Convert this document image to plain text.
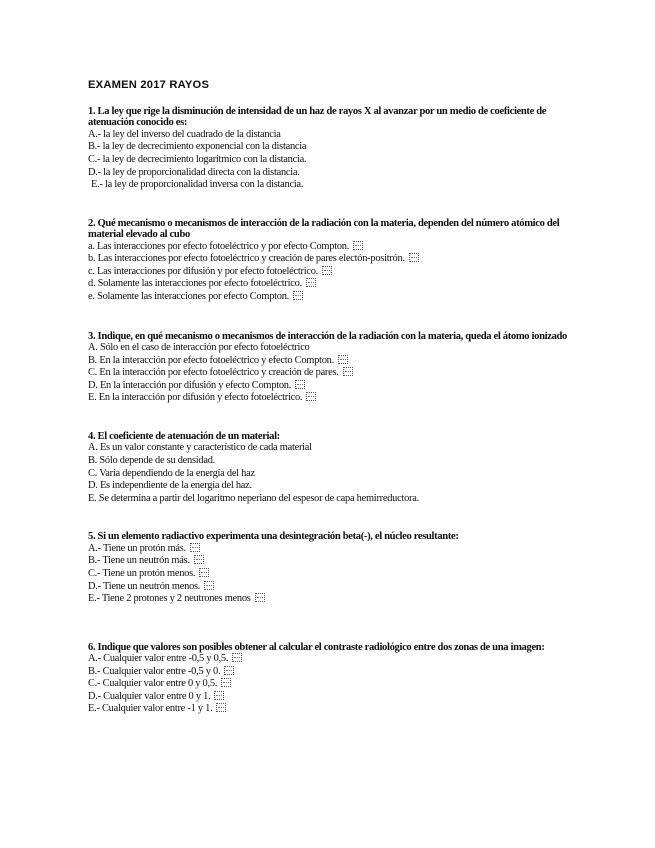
EXAMEN 2017 RAYOS

1. La ley que rige la disminución de intensidad de un haz de rayos X al avanzar por un medio de coeficiente de atenuación conocido es:

A.- la ley del inverso del cuadrado de la distancia
B.- la ley de decrecimiento exponencial con la distancia
C.- la ley de decrecimiento logarítmico con la distancia.
D.- la ley de proporcionalidad directa con la distancia.
E.- la ley de proporcionalidad inversa con la distancia.

2. Qué mecanismo o mecanismos de interacción de la radiación con la materia, dependen del número atómico del material elevado al cubo

a. Las interacciones por efecto fotoeléctrico y por efecto Compton.
b. Las interacciones por efecto fotoeléctrico y creación de pares electón-positrón.
c. Las interacciones por difusión y por efecto fotoeléctrico.
d. Solamente las interacciones por efecto fotoeléctrico.
e. Solamente las interacciones por efecto Compton.

3. Indique, en qué mecanismo o mecanismos de interacción de la radiación con la materia, queda el átomo ionizado

A. Sólo en el caso de interacción por efecto fotoeléctrico
B. En la interacción por efecto fotoeléctrico y efecto Compton.
C. En la interacción por efecto fotoeléctrico y creación de pares.
D. En la interacción por difusión y efecto Compton.
E. En la interacción por difusión y efecto fotoeléctrico.

4. El coeficiente de atenuación de un material:

A. Es un valor constante y característico de cada material
B. Sólo depende de su densidad.
C. Varía dependiendo de la energía del haz
D. Es independiente de la energía del haz.
E. Se determina a partir del logaritmo neperiano del espesor de capa hemirreductora.

5. Si un elemento radiactivo experimenta una desintegración beta(-), el núcleo resultante:

A.- Tiene un protón más.
B.- Tiene un neutrón más.
C.- Tiene un protón menos.
D.- Tiene un neutrón menos.
E.- Tiene 2 protones y 2 neutrones menos

6. Indique que valores son posibles obtener al calcular el contraste radiológico entre dos zonas de una imagen:

A.- Cualquier valor entre -0,5 y 0,5.
B.- Cualquier valor entre -0,5 y 0.
C.- Cualquier valor entre 0 y 0,5.
D.- Cualquier valor entre 0 y 1.
E.- Cualquier valor entre -1 y 1.
